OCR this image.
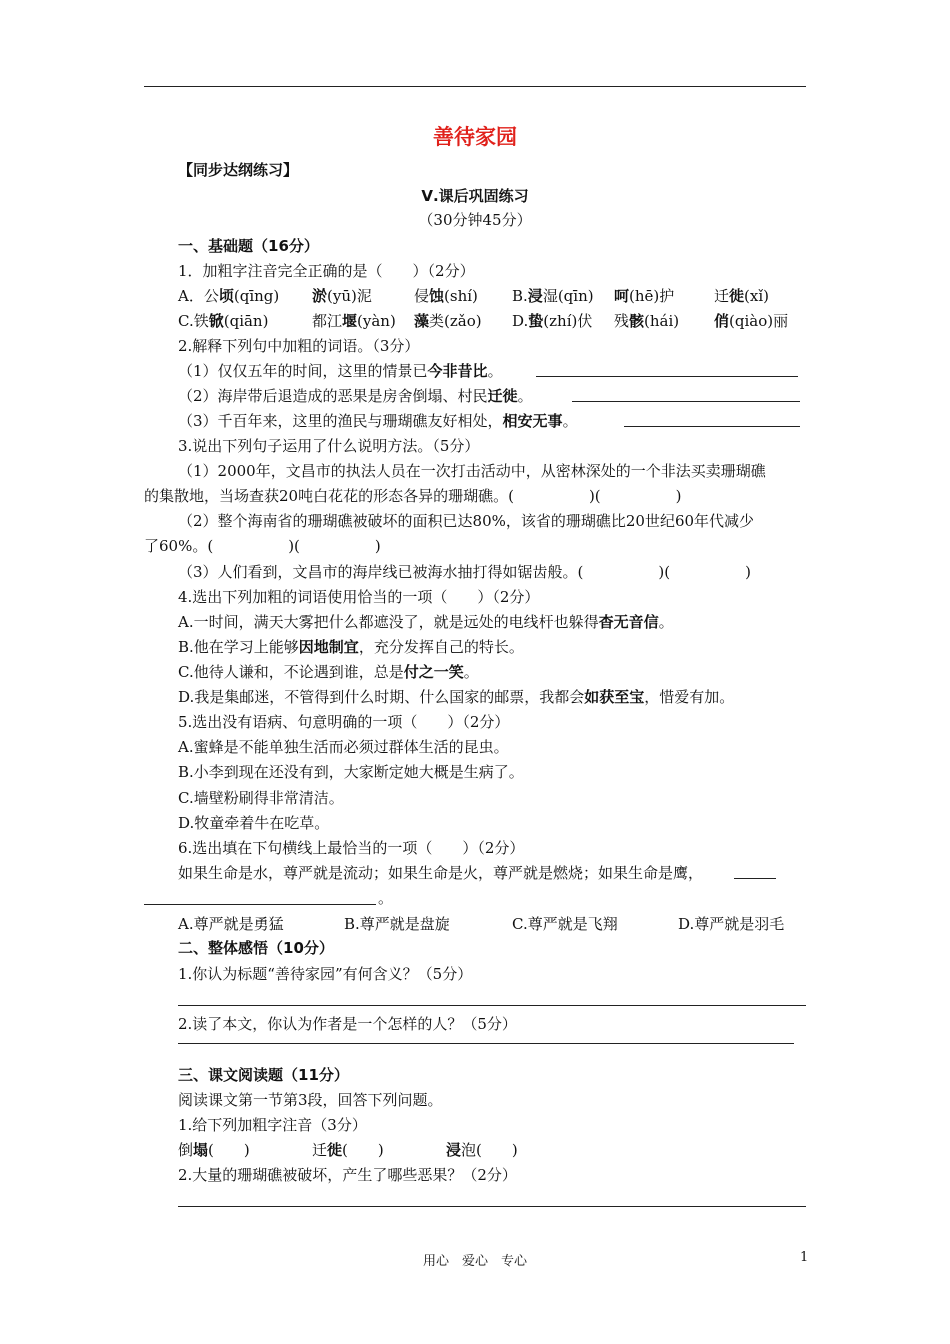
善待家园
【同步达纲练习】
Ⅴ.课后巩固练习
（30分钟45分）
一、基础题（16分）
1．加粗字注音完全正确的是（　　）（2分）
A．公顷(qīng) 淤(yū)泥	侵蚀(shí) B.浸湿(qīn) 呵(hē)护	迁徙(xǐ)
C.铁锨(qiān)	都江堰(yàn) 藻类(zǎo) D.蛰(zhí)伏 残骸(hái) 俏(qiào)丽
2.解释下列句中加粗的词语。（3分）
（1）仅仅五年的时间，这里的情景已今非昔比。
（2）海岸带后退造成的恶果是房舍倒塌、村民迁徙。
（3）千百年来，这里的渔民与珊瑚礁友好相处，相安无事。
3.说出下列句子运用了什么说明方法。（5分）
（1）2000年，文昌市的执法人员在一次打击活动中，从密林深处的一个非法买卖珊瑚礁
的集散地，当场查获20吨白花花的形态各异的珊瑚礁。(　　　　　)(　　　　　)
（2）整个海南省的珊瑚礁被破坏的面积已达80%，该省的珊瑚礁比20世纪60年代减少
了60%。(　　　　　)(　　　　　)
（3）人们看到，文昌市的海岸线已被海水抽打得如锯齿般。(　　　　　)(　　　　　)
4.选出下列加粗的词语使用恰当的一项（　　）（2分）
A.一时间，满天大雾把什么都遮没了，就是远处的电线杆也躲得杳无音信。
B.他在学习上能够因地制宜，充分发挥自己的特长。
C.他待人谦和，不论遇到谁，总是付之一笑。
D.我是集邮迷，不管得到什么时期、什么国家的邮票，我都会如获至宝，惜爱有加。
5.选出没有语病、句意明确的一项（　　）（2分）
A.蜜蜂是不能单独生活而必须过群体生活的昆虫。
B.小李到现在还没有到，大家断定她大概是生病了。
C.墙壁粉刷得非常清洁。
D.牧童牵着牛在吃草。
6.选出填在下句横线上最恰当的一项（　　）（2分）
如果生命是水，尊严就是流动；如果生命是火，尊严就是燃烧；如果生命是鹰，
。
A.尊严就是勇猛	B.尊严就是盘旋	C.尊严就是飞翔	D.尊严就是羽毛
二、整体感悟（10分）
1.你认为标题“善待家园”有何含义？（5分）
2.读了本文，你认为作者是一个怎样的人？（5分）
三、课文阅读题（11分）
阅读课文第一节第3段，回答下列问题。
1.给下列加粗字注音（3分）
倒塌(　　)	迁徙(　　)	浸泡(　　)
2.大量的珊瑚礁被破坏，产生了哪些恶果？（2分）
用心　爱心　专心	1
